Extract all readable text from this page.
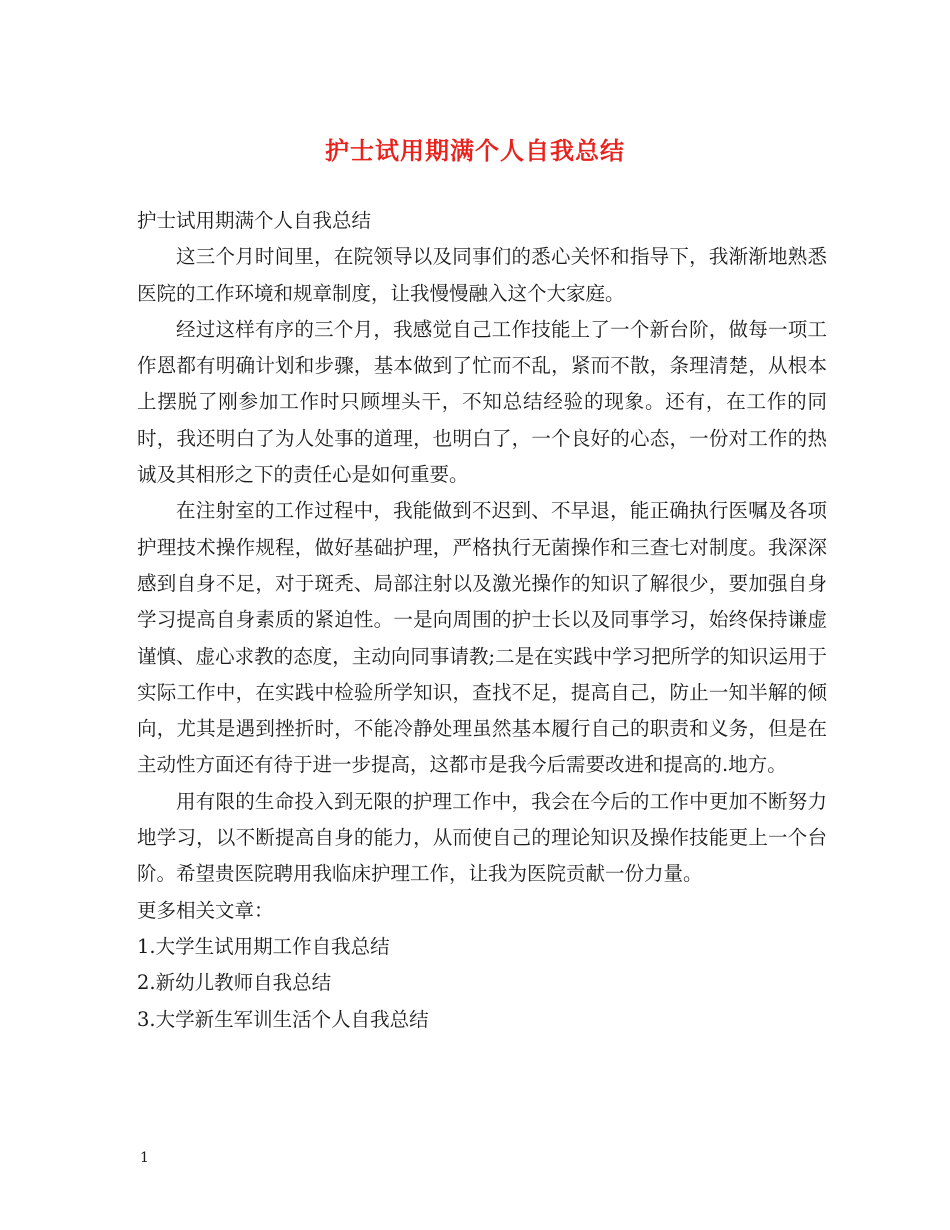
护士试用期满个人自我总结

护士试用期满个人自我总结

这三个月时间里，在院领导以及同事们的悉心关怀和指导下，我渐渐地熟悉医院的工作环境和规章制度，让我慢慢融入这个大家庭。

经过这样有序的三个月，我感觉自己工作技能上了一个新台阶，做每一项工作恩都有明确计划和步骤，基本做到了忙而不乱，紧而不散，条理清楚，从根本上摆脱了刚参加工作时只顾埋头干，不知总结经验的现象。还有，在工作的同时，我还明白了为人处事的道理，也明白了，一个良好的心态，一份对工作的热诚及其相形之下的责任心是如何重要。

在注射室的工作过程中，我能做到不迟到、不早退，能正确执行医嘱及各项护理技术操作规程，做好基础护理，严格执行无菌操作和三查七对制度。我深深感到自身不足，对于斑秃、局部注射以及激光操作的知识了解很少，要加强自身学习提高自身素质的紧迫性。一是向周围的护士长以及同事学习，始终保持谦虚谨慎、虚心求教的态度，主动向同事请教;二是在实践中学习把所学的知识运用于实际工作中，在实践中检验所学知识，查找不足，提高自己，防止一知半解的倾向，尤其是遇到挫折时，不能冷静处理虽然基本履行自己的职责和义务，但是在主动性方面还有待于进一步提高，这都市是我今后需要改进和提高的.地方。

用有限的生命投入到无限的护理工作中，我会在今后的工作中更加不断努力地学习，以不断提高自身的能力，从而使自己的理论知识及操作技能更上一个台阶。希望贵医院聘用我临床护理工作，让我为医院贡献一份力量。

更多相关文章：

1.大学生试用期工作自我总结
2.新幼儿教师自我总结
3.大学新生军训生活个人自我总结
1
